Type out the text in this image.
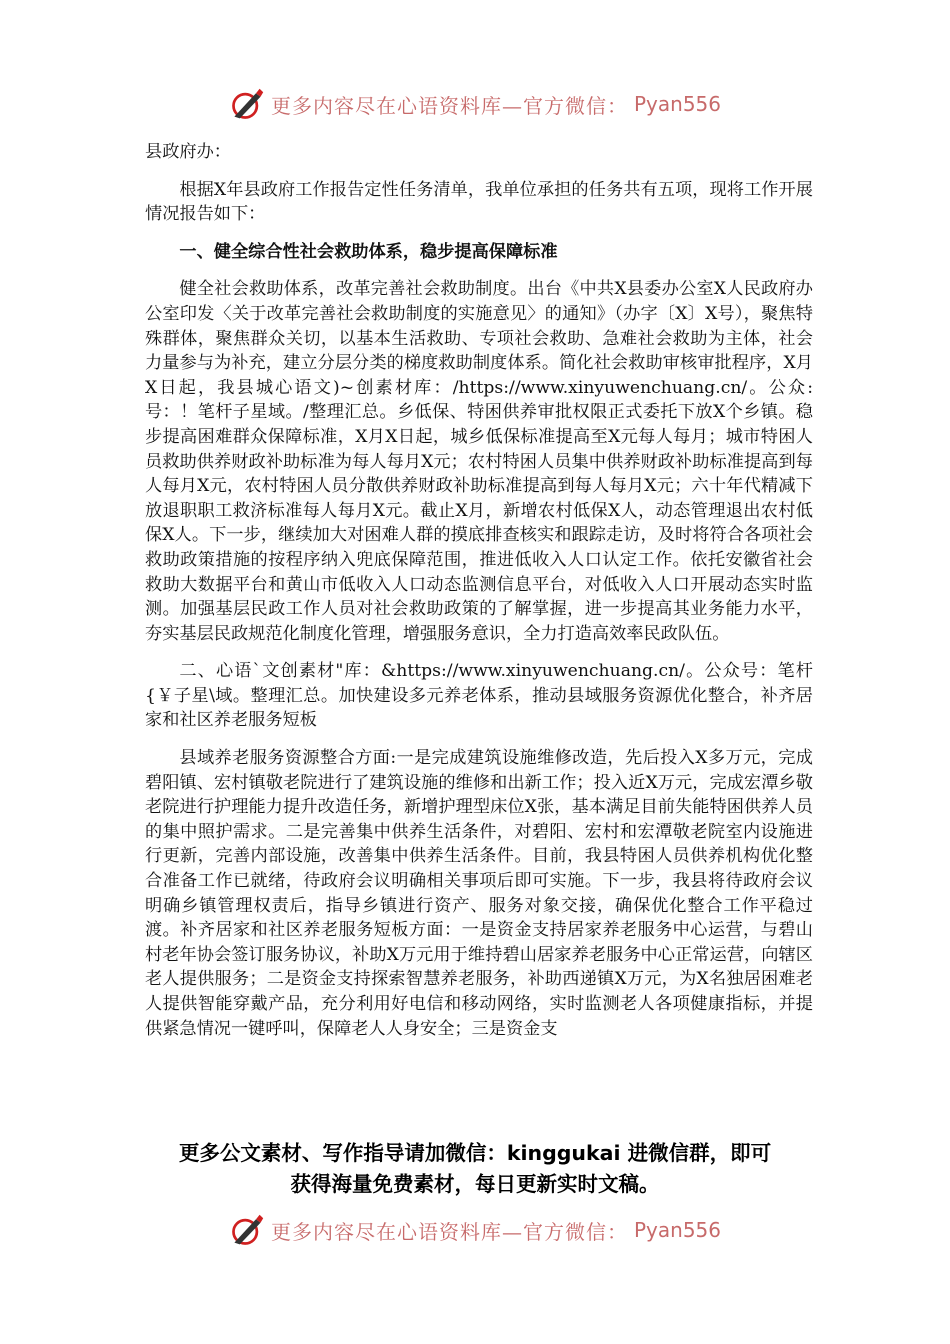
更多内容尽在心语资料库—官方微信： Pyan556

县政府办：

根据X年县政府工作报告定性任务清单，我单位承担的任务共有五项，现将工作开展情况报告如下：

一、健全综合性社会救助体系，稳步提高保障标准

健全社会救助体系，改革完善社会救助制度。出台《中共X县委办公室X人民政府办公室印发〈关于改革完善社会救助制度的实施意见〉的通知》（办字〔X〕X号），聚焦特殊群体，聚焦群众关切，以基本生活救助、专项社会救助、急难社会救助为主体，社会力量参与为补充，建立分层分类的梯度救助制度体系。简化社会救助审核审批程序，X月X日起，我县城心语文)~创素材库：/https://www.xinyuwenchuang.cn/。公众:号：！笔杆子星域。/整理汇总。乡低保、特困供养审批权限正式委托下放X个乡镇。稳步提高困难群众保障标准，X月X日起，城乡低保标准提高至X元每人每月；城市特困人员救助供养财政补助标准为每人每月X元；农村特困人员集中供养财政补助标准提高到每人每月X元，农村特困人员分散供养财政补助标准提高到每人每月X元；六十年代精减下放退职职工救济标准每人每月X元。截止X月，新增农村低保X人，动态管理退出农村低保X人。下一步，继续加大对困难人群的摸底排查核实和跟踪走访，及时将符合各项社会救助政策措施的按程序纳入兜底保障范围，推进低收入人口认定工作。依托安徽省社会救助大数据平台和黄山市低收入人口动态监测信息平台，对低收入人口开展动态实时监测。加强基层民政工作人员对社会救助政策的了解掌握，进一步提高其业务能力水平，夯实基层民政规范化制度化管理，增强服务意识，全力打造高效率民政队伍。

二、心语`文创素材"库：&https://www.xinyuwenchuang.cn/。公众号：笔杆{￥子星\域。整理汇总。加快建设多元养老体系，推动县域服务资源优化整合，补齐居家和社区养老服务短板

县域养老服务资源整合方面:一是完成建筑设施维修改造，先后投入X多万元，完成碧阳镇、宏村镇敬老院进行了建筑设施的维修和出新工作；投入近X万元，完成宏潭乡敬老院进行护理能力提升改造任务，新增护理型床位X张，基本满足目前失能特困供养人员的集中照护需求。二是完善集中供养生活条件，对碧阳、宏村和宏潭敬老院室内设施进行更新，完善内部设施，改善集中供养生活条件。目前，我县特困人员供养机构优化整合准备工作已就绪，待政府会议明确相关事项后即可实施。下一步，我县将待政府会议明确乡镇管理权责后，指导乡镇进行资产、服务对象交接，确保优化整合工作平稳过渡。补齐居家和社区养老服务短板方面：一是资金支持居家养老服务中心运营，与碧山村老年协会签订服务协议，补助X万元用于维持碧山居家养老服务中心正常运营，向辖区老人提供服务；二是资金支持探索智慧养老服务，补助西递镇X万元，为X名独居困难老人提供智能穿戴产品，充分利用好电信和移动网络，实时监测老人各项健康指标，并提供紧急情况一键呼叫，保障老人人身安全；三是资金支

更多公文素材、写作指导请加微信：kinggukai 进微信群，即可
获得海量免费素材，每日更新实时文稿。
更多内容尽在心语资料库—官方微信： Pyan556
